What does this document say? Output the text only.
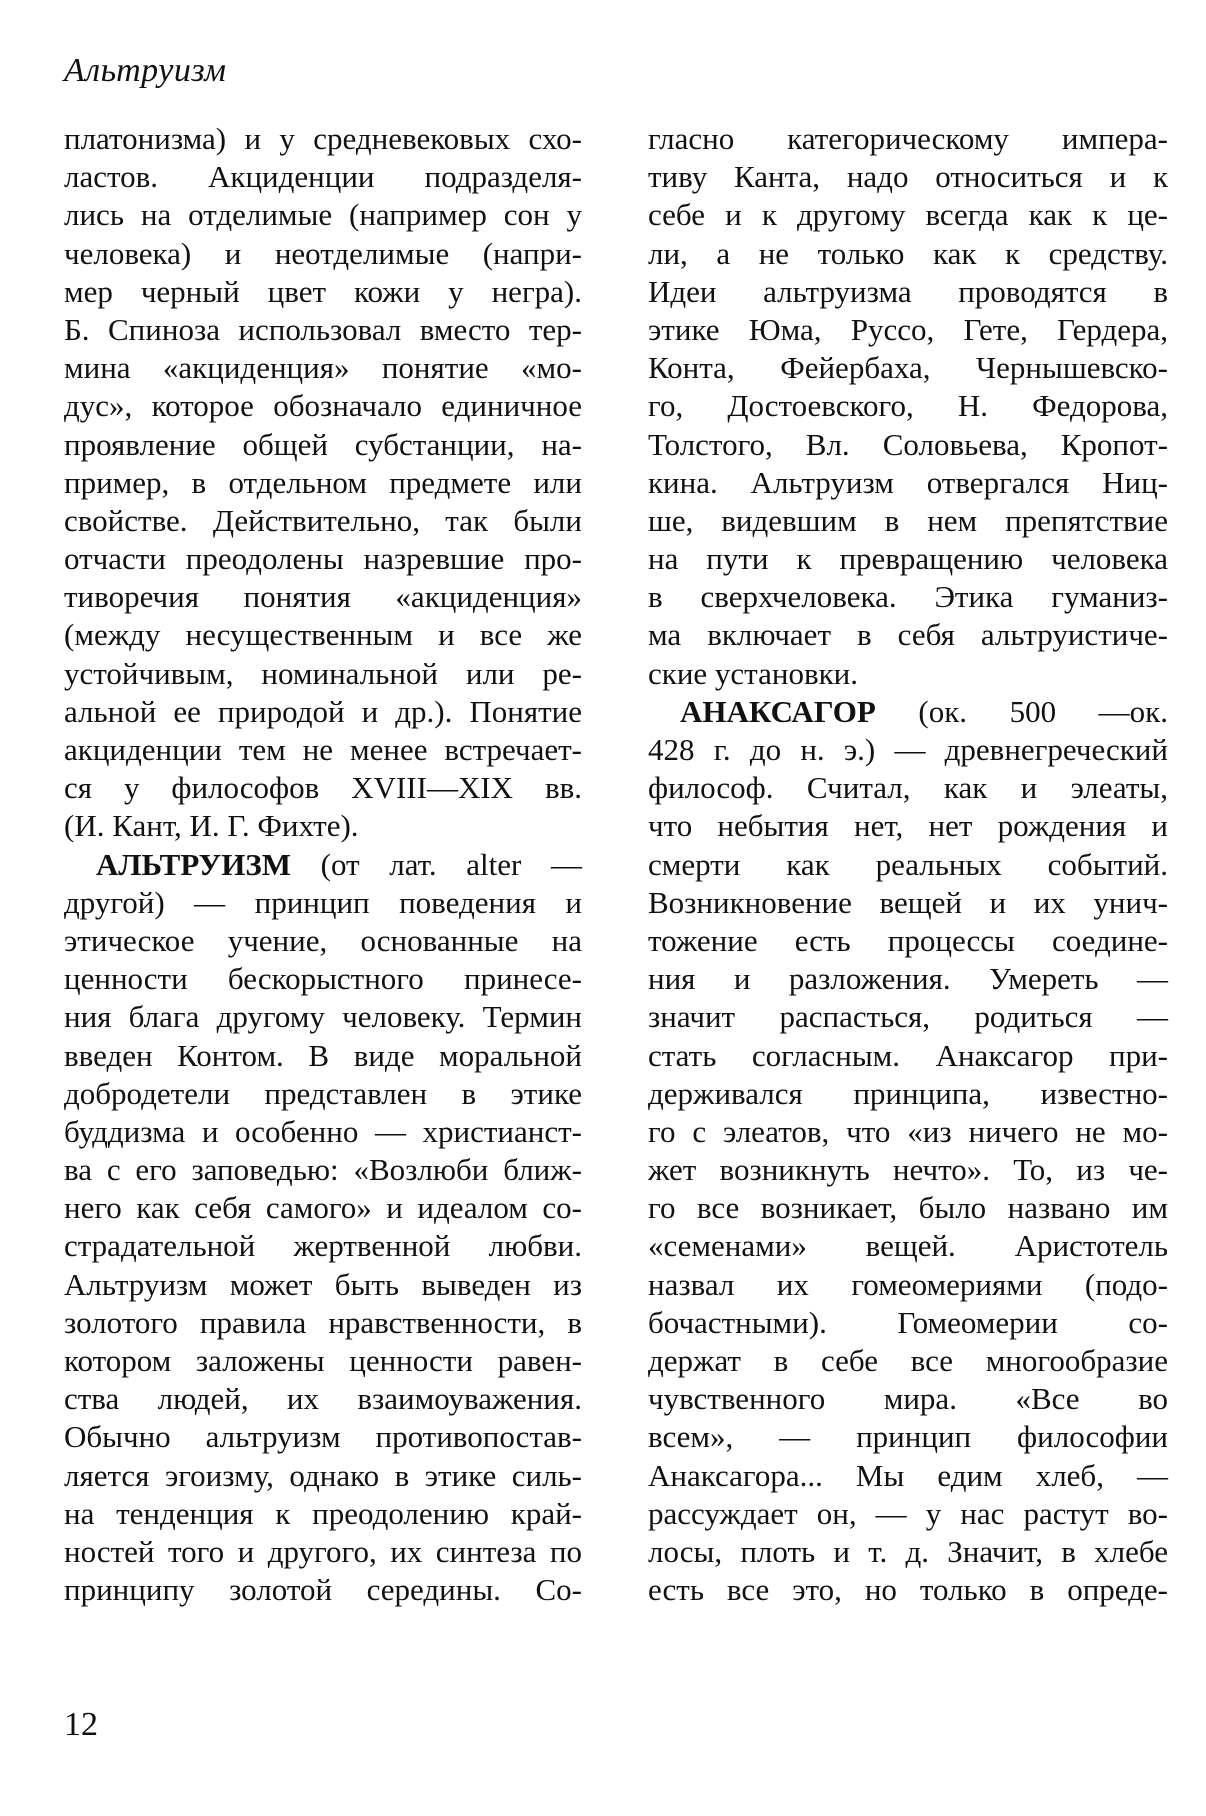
Альтруизм
платонизма) и у средневековых схо-
ластов. Акциденции подразделя-
лись на отделимые (например сон у
человека) и неотделимые (напри-
мер черный цвет кожи у негра).
Б. Спиноза использовал вместо тер-
мина «акциденция» понятие «мо-
дус», которое обозначало единичное
проявление общей субстанции, на-
пример, в отдельном предмете или
свойстве. Действительно, так были
отчасти преодолены назревшие про-
тиворечия понятия «акциденция»
(между несущественным и все же
устойчивым, номинальной или ре-
альной ее природой и др.). Понятие
акциденции тем не менее встречает-
ся у философов XVIII—XIX вв.
(И. Кант, И. Г. Фихте).
АЛЬТРУИЗМ (от лат. alter —
другой) — принцип поведения и
этическое учение, основанные на
ценности бескорыстного принесе-
ния блага другому человеку. Термин
введен Контом. В виде моральной
добродетели представлен в этике
буддизма и особенно — христианст-
ва с его заповедью: «Возлюби ближ-
него как себя самого» и идеалом со-
страдательной жертвенной любви.
Альтруизм может быть выведен из
золотого правила нравственности, в
котором заложены ценности равен-
ства людей, их взаимоуважения.
Обычно альтруизм противопостав-
ляется эгоизму, однако в этике силь-
на тенденция к преодолению край-
ностей того и другого, их синтеза по
принципу золотой середины. Со-
гласно категорическому импера-
тиву Канта, надо относиться и к
себе и к другому всегда как к це-
ли, а не только как к средству.
Идеи альтруизма проводятся в
этике Юма, Руссо, Гете, Гердера,
Конта, Фейербаха, Чернышевско-
го, Достоевского, Н. Федорова,
Толстого, Вл. Соловьева, Кропот-
кина. Альтруизм отвергался Ниц-
ше, видевшим в нем препятствие
на пути к превращению человека
в сверхчеловека. Этика гуманиз-
ма включает в себя альтруистиче-
ские установки.
АНАКСАГОР (ок. 500 —ок.
428 г. до н. э.) — древнегреческий
философ. Считал, как и элеаты,
что небытия нет, нет рождения и
смерти как реальных событий.
Возникновение вещей и их унич-
тожение есть процессы соедине-
ния и разложения. Умереть —
значит распасться, родиться —
стать согласным. Анаксагор при-
держивался принципа, известно-
го с элеатов, что «из ничего не мо-
жет возникнуть нечто». То, из че-
го все возникает, было названо им
«семенами» вещей. Аристотель
назвал их гомеомериями (подо-
бочастными). Гомеомерии со-
держат в себе все многообразие
чувственного мира. «Все во
всем», — принцип философии
Анаксагора... Мы едим хлеб, —
рассуждает он, — у нас растут во-
лосы, плоть и т. д. Значит, в хлебе
есть все это, но только в опреде-
12
